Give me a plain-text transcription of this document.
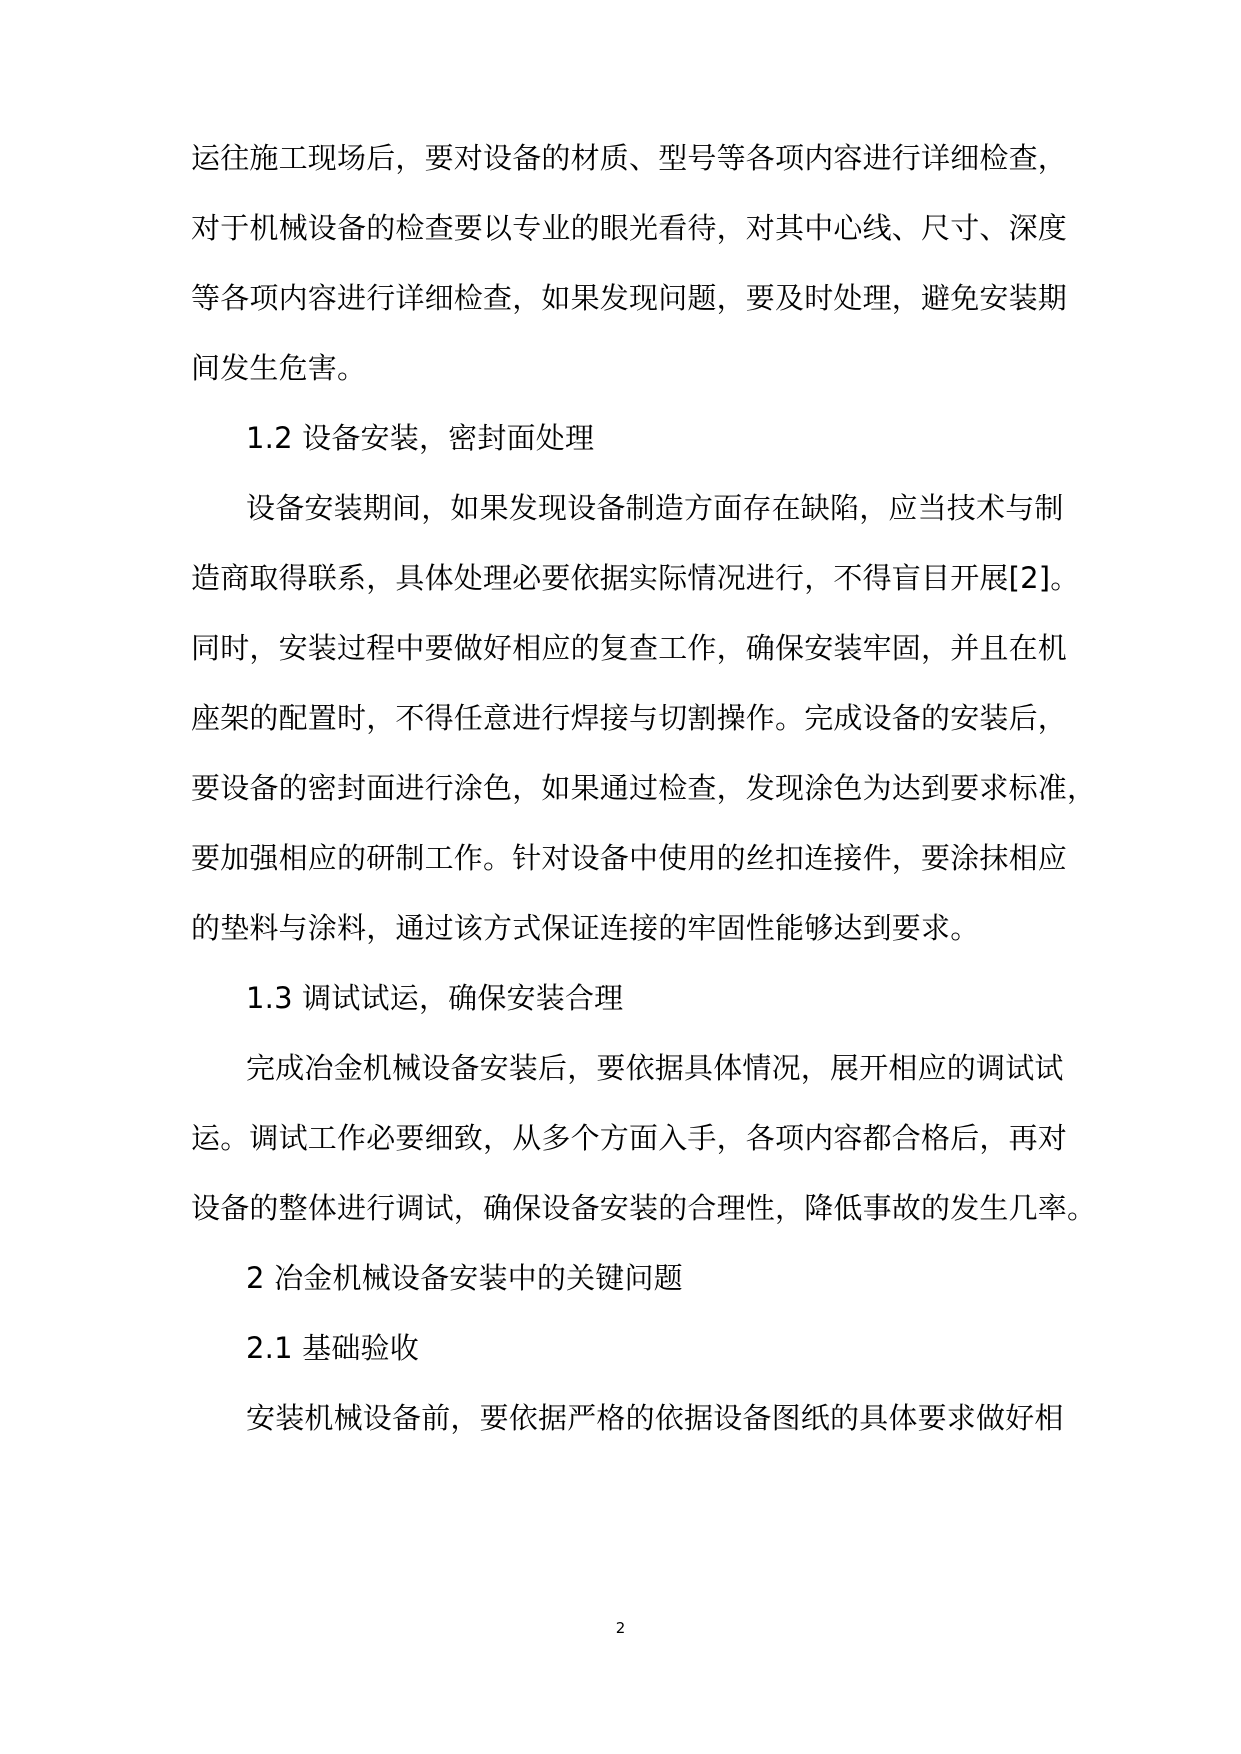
运往施工现场后，要对设备的材质、型号等各项内容进行详细检查，
对于机械设备的检查要以专业的眼光看待，对其中心线、尺寸、深度
等各项内容进行详细检查，如果发现问题，要及时处理，避免安装期
间发生危害。
1.2 设备安装，密封面处理
设备安装期间，如果发现设备制造方面存在缺陷，应当技术与制
造商取得联系，具体处理必要依据实际情况进行，不得盲目开展[2]。
同时，安装过程中要做好相应的复查工作，确保安装牢固，并且在机
座架的配置时，不得任意进行焊接与切割操作。完成设备的安装后，
要设备的密封面进行涂色，如果通过检查，发现涂色为达到要求标准，
要加强相应的研制工作。针对设备中使用的丝扣连接件，要涂抹相应
的垫料与涂料，通过该方式保证连接的牢固性能够达到要求。
1.3 调试试运，确保安装合理
完成冶金机械设备安装后，要依据具体情况，展开相应的调试试
运。调试工作必要细致，从多个方面入手，各项内容都合格后，再对
设备的整体进行调试，确保设备安装的合理性，降低事故的发生几率。
2 冶金机械设备安装中的关键问题
2.1 基础验收
安装机械设备前，要依据严格的依据设备图纸的具体要求做好相
2
